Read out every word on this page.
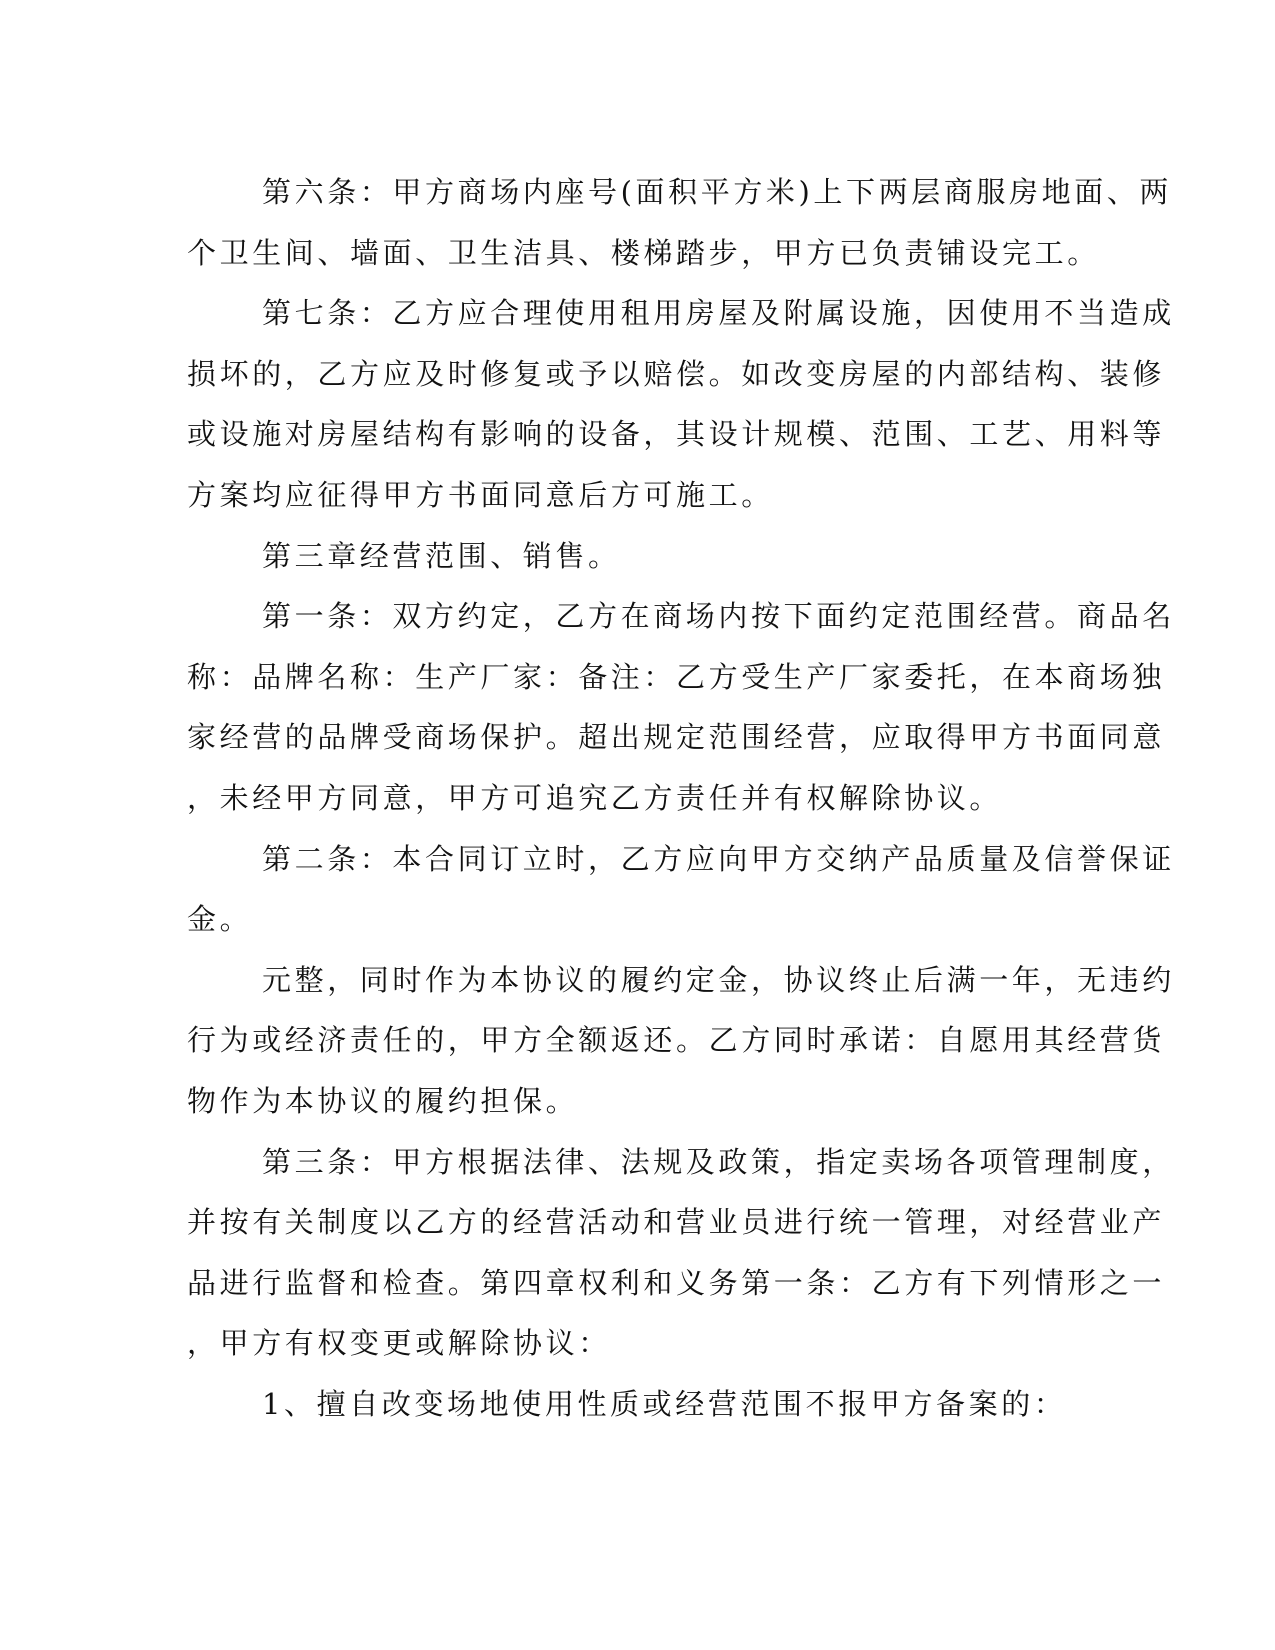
第六条：甲方商场内座号(面积平方米)上下两层商服房地面、两
个卫生间、墙面、卫生洁具、楼梯踏步，甲方已负责铺设完工。
第七条：乙方应合理使用租用房屋及附属设施，因使用不当造成
损坏的，乙方应及时修复或予以赔偿。如改变房屋的内部结构、装修
或设施对房屋结构有影响的设备，其设计规模、范围、工艺、用料等
方案均应征得甲方书面同意后方可施工。
第三章经营范围、销售。
第一条：双方约定，乙方在商场内按下面约定范围经营。商品名
称：品牌名称：生产厂家：备注：乙方受生产厂家委托，在本商场独
家经营的品牌受商场保护。超出规定范围经营，应取得甲方书面同意
，未经甲方同意，甲方可追究乙方责任并有权解除协议。
第二条：本合同订立时，乙方应向甲方交纳产品质量及信誉保证
金。
元整，同时作为本协议的履约定金，协议终止后满一年，无违约
行为或经济责任的，甲方全额返还。乙方同时承诺：自愿用其经营货
物作为本协议的履约担保。
第三条：甲方根据法律、法规及政策，指定卖场各项管理制度，
并按有关制度以乙方的经营活动和营业员进行统一管理，对经营业产
品进行监督和检查。第四章权利和义务第一条：乙方有下列情形之一
，甲方有权变更或解除协议：
1、擅自改变场地使用性质或经营范围不报甲方备案的：
